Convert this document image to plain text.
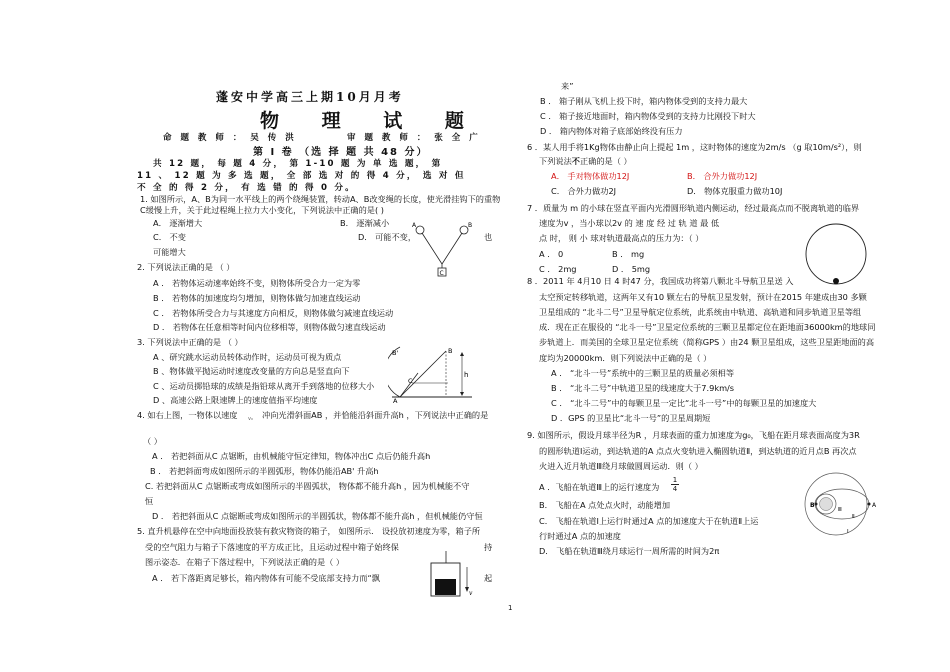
蓬安中学高三上期10月月考
物 理 试 题
命 题 教 师 ： 吴 传 洪	审 题 教 师 ： 张 全 广
第 Ⅰ 卷 （选 择 题 共 48 分）
共 12 题， 每 题 4 分， 第 1-10 题 为 单 选 题， 第
11 、 12 题 为 多 选 题， 全 部 选 对 的 得 4 分， 选 对 但
不 全 的 得 2 分， 有 选 错 的 得 0 分。
1. 如图所示，A、B为同一水平线上的两个绕绳装置，转动A、B改变绳的长度，使光滑挂钩下的重物
C缓慢上升，关于此过程绳上拉力大小变化，下列说法中正确的是( )
A． 逐渐增大	B． 逐渐减小
C． 不变	D． 可能不变，	也
可能增大
A	B
C
2. 下列说法正确的是 （ ）
A ． 若物体运动速率始终不变，则物体所受合力一定为零
B ． 若物体的加速度均匀增加，则物体做匀加速直线运动
C ． 若物体所受合力与其速度方向相反，则物体做匀减速直线运动
D ． 若物体在任意相等时间内位移相等，则物体做匀速直线运动
3. 下列说法中正确的是 （ ）
A 、研究跳水运动员转体动作时，运动员可视为质点
B 、物体做平抛运动时速度改变量的方向总是竖直向下
C 、运动员掷铅球的成绩是指铅球从离开手到落地的位移大小
D 、高速公路上限速牌上的速度值指平均速度
B'	B
A
C
h
4. 如右上图，一物体以速度 v₀ 冲向光滑斜面AB ，并恰能沿斜面升高h ，下列说法中正确的是
（ ）
A ． 若把斜面从C 点锯断，由机械能守恒定律知，物体冲出C 点后仍能升高h
B ． 若把斜面弯成如图所示的半圆弧形，物体仍能沿AB' 升高h
C. 若把斜面从C 点锯断或弯成如图所示的半圆弧状， 物体都不能升高h ，因为机械能不守
恒
D ． 若把斜面从C 点锯断或弯成如图所示的半圆弧状，物体都不能升高h ，但机械能仍守恒
5. 直升机悬停在空中向地面投放装有救灾物资的箱子， 如图所示． 设投放初速度为零，箱子所
受的空气阻力与箱子下落速度的平方成正比，且运动过程中箱子始终保	持
图示姿态．在箱子下落过程中，下列说法正确的是（ ）
A ． 若下落距离足够长，箱内物体有可能不受底部支持力而“飘	起
v
来”
B ． 箱子刚从飞机上投下时，箱内物体受到的支持力最大
C ． 箱子接近地面时，箱内物体受到的支持力比刚投下时大
D ． 箱内物体对箱子底部始终没有压力
6 ．某人用手将1Kg物体由静止向上提起 1m ，这时物体的速度为2m/s （g 取10m/s²），则
下列说法不正确的是（ ）
A． 手对物体做功12J	B． 合外力做功12J
C． 合外力做功2J	D． 物体克服重力做功10J
7 ．质量为 m 的小球在竖直平面内光滑圆形轨道内侧运动，经过最高点而不脱离轨道的临界
速度为v ，当小球以2v 的 速 度 经 过 轨 道 最 低
点 时， 则 小 球对轨道最高点的压力为：（ ）
A ． 0	B ． mg
C ． 2mg	D ． 5mg
8 ．2011 年 4月10 日 4 时47 分，我国成功将第八颗北斗导航卫星送 入
太空预定转移轨道，这两年又有10 颗左右的导航卫星发射，预计在2015 年建成由30 多颗
卫星组成的 “北斗二号”卫星导航定位系统，此系统由中轨道、高轨道和同步轨道卫星等组
成．现在正在服役的 “北斗一号”卫星定位系统的三颗卫星都定位在距地面36000km的地球同
步轨道上．而美国的全球卫星定位系统（简称GPS ）由24 颗卫星组成，这些卫星距地面的高
度均为20000km．则下列说法中正确的是（ ）
A ． “北斗一号”系统中的三颗卫星的质量必须相等
B ． “北斗二号”中轨道卫星的线速度大于7.9km/s
C ． “北斗二号”中的每颗卫星一定比“北斗一号”中的每颗卫星的加速度大
D ．GPS 的卫星比“北斗一号”的卫星周期短
9. 如图所示，假设月球半径为R ，月球表面的重力加速度为g₀，飞船在距月球表面高度为3R
的圆形轨道Ⅰ运动，到达轨道的A 点点火变轨进入椭圆轨道Ⅱ，到达轨道的近月点B 再次点
火进入近月轨道Ⅲ绕月球做圆周运动．则（ ）
A ．飞船在轨道Ⅲ上的运行速度为 $\frac{1}{4}$
B． 飞船在A 点处点火时，动能增加
C． 飞船在轨道Ⅰ上运行时通过A 点的加速度大于在轨道Ⅱ上运
行时通过A 点的加速度
D． 飞船在轨道Ⅲ绕月球运行一周所需的时间为2π
B	A
Ⅲ
Ⅱ
Ⅰ
1
